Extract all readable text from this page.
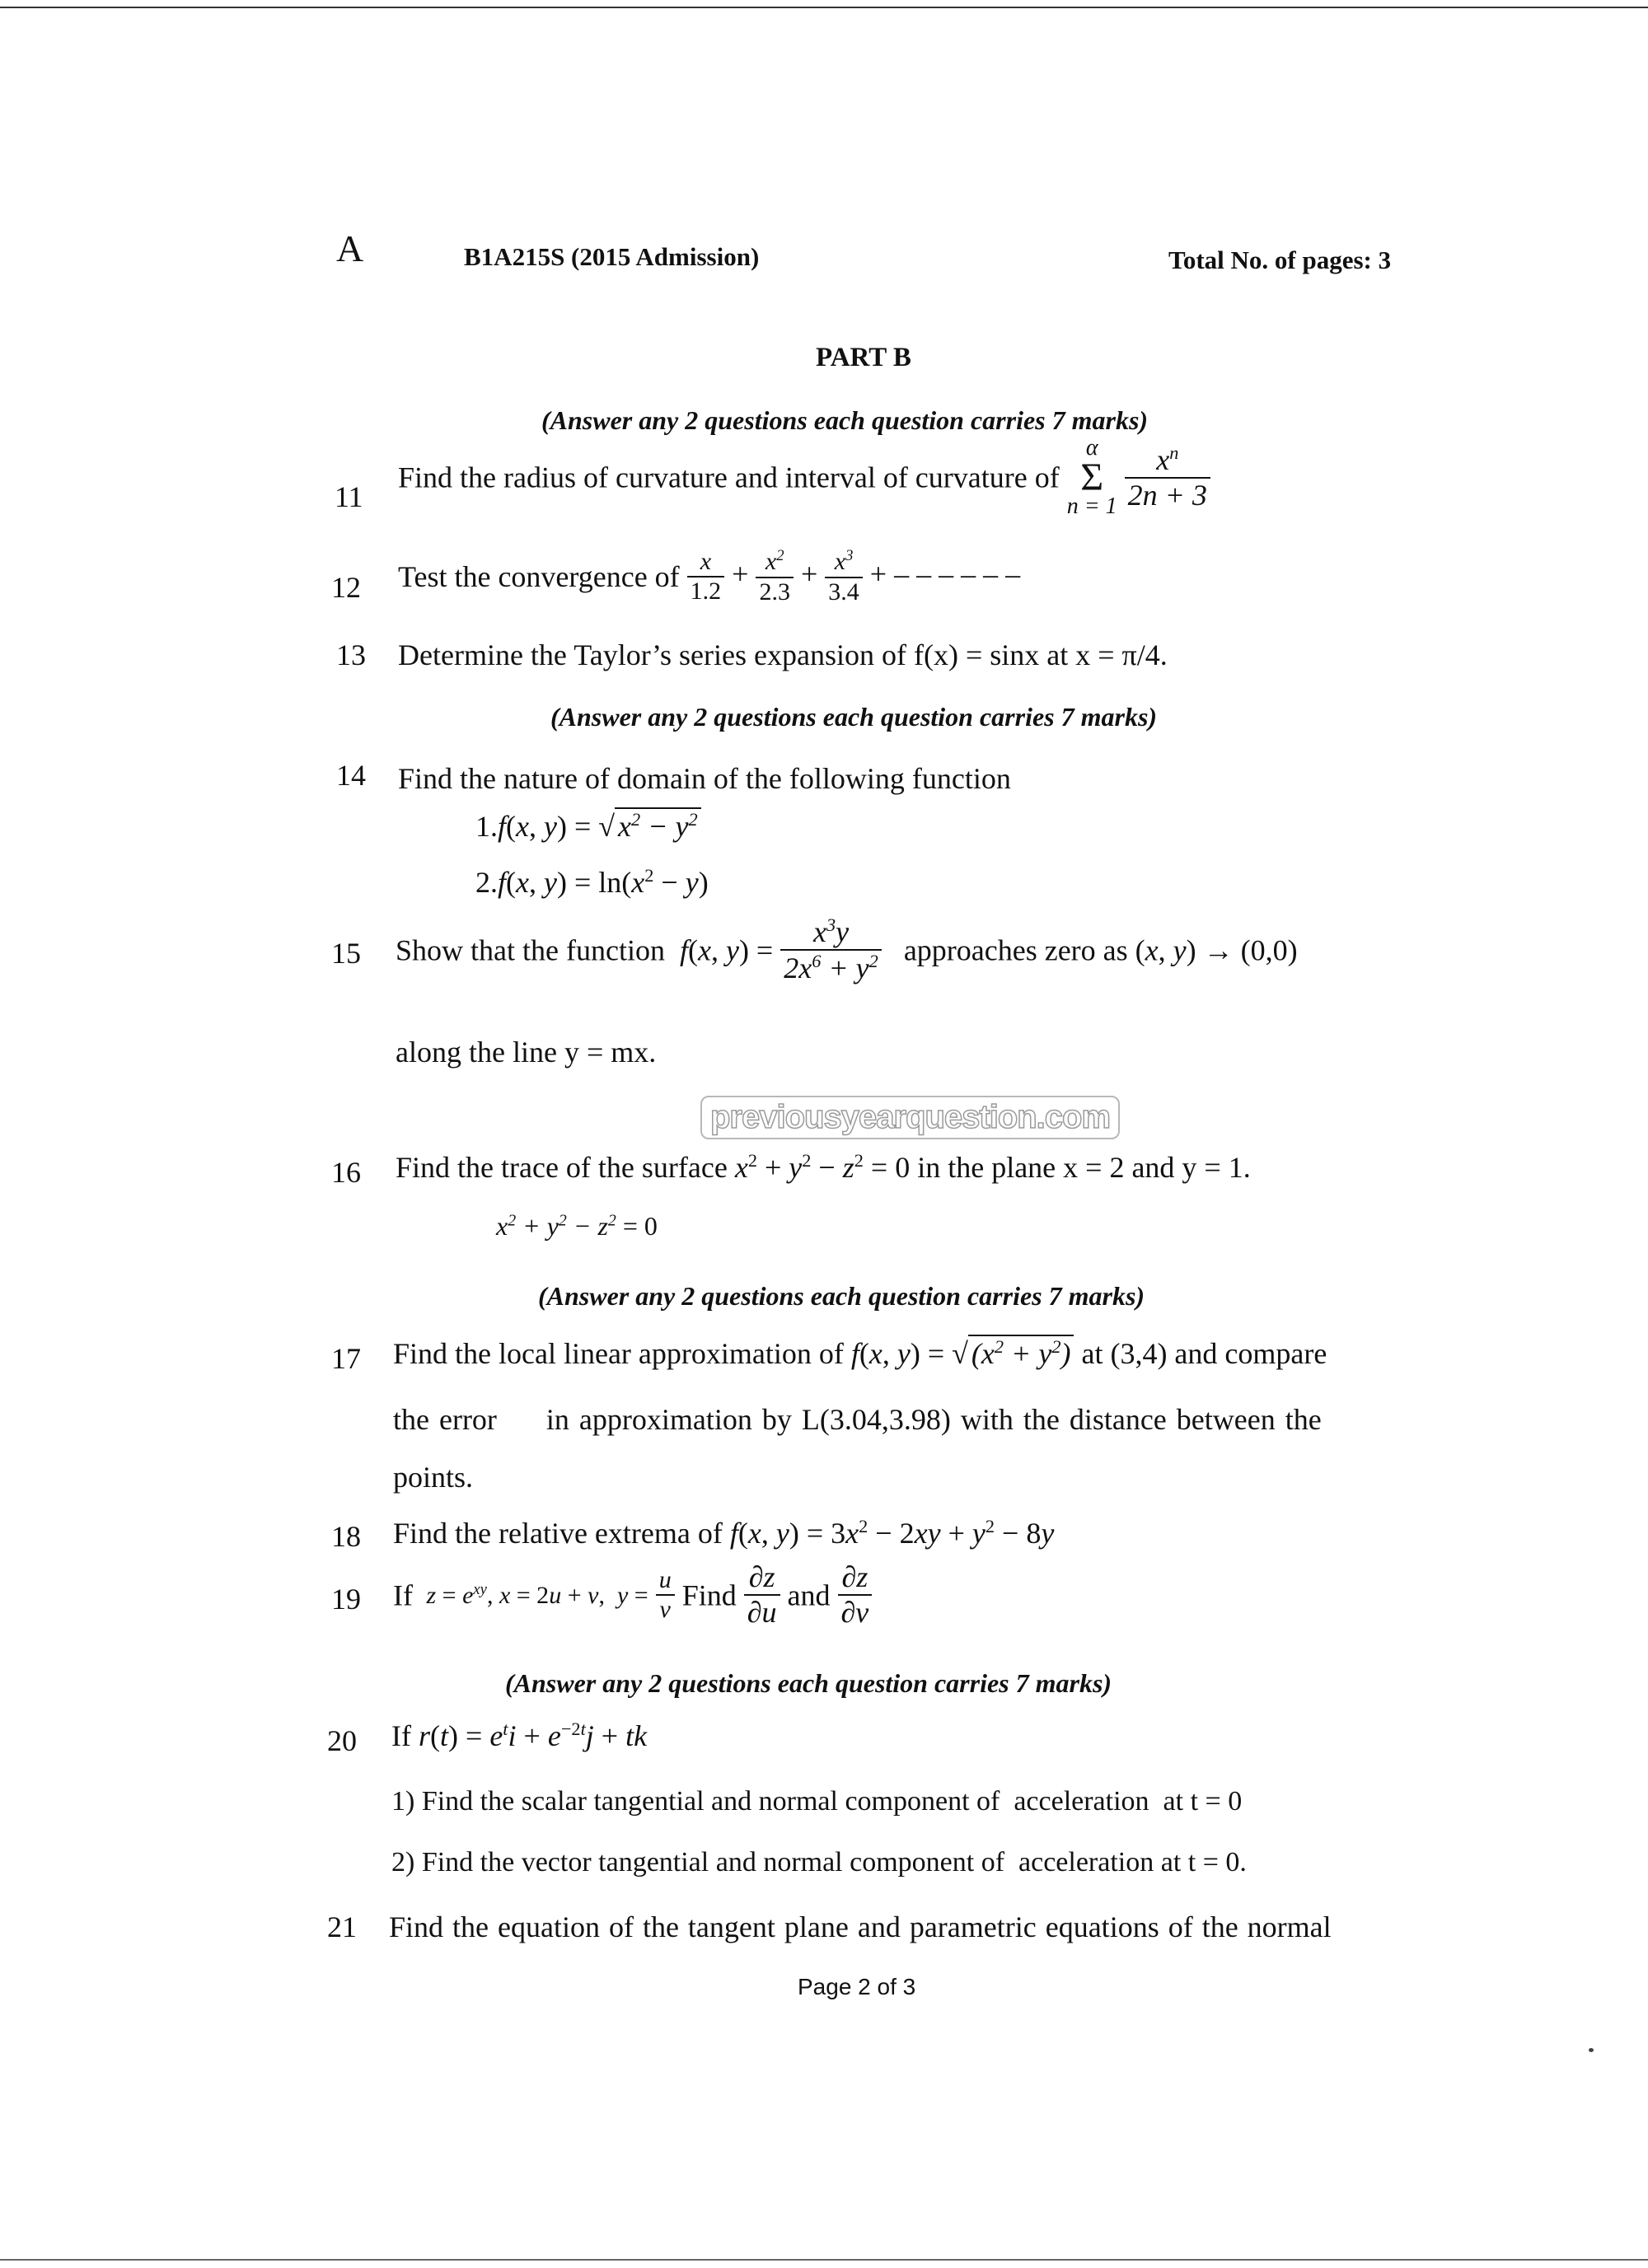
A	B1A215S (2015 Admission)	Total No. of pages: 3
PART B
(Answer any 2 questions each question carries 7 marks)
11
Find the radius of curvature and interval of curvature of
α
Σ
n = 1
$\frac{x^n}{2n + 3}$
12 Test the convergence of $\frac{x}{1.2} + \frac{x^2}{2.3} + \frac{x^3}{3.4}$ + – – – – – –
13 Determine the Taylor’s series expansion of f(x) = sinx at x = π/4.
(Answer any 2 questions each question carries 7 marks)
14 Find the nature of domain of the following function
1.f(x, y) = √ $x^2 - y^2$
2.f(x, $y) = \ln(x^2 - y)$
15 Show that the function f(x, $y) = \frac{x^3y}{2x^6 + y^2}$ approaches zero as (x, y) → (0,0)
along the line y = mx.
previousyearquestion.com
16 Find the trace of the surface $x^2 + y^2 - z^2 = 0$ in the plane x = 2 and y = 1.
$x^2 + y^2 - z^2 = 0$
(Answer any 2 questions each question carries 7 marks)
17 Find the local linear approximation of f(x, y) = √ $(x^2 + y^2)$ at (3,4) and compare
the error     in approximation by L(3.04,3.98) with the distance between the
points.
18 Find the relative extrema of f(x, $y) = 3x^2 - 2xy + y^2 - 8y$
19 If $z = e^{xy}$, x = 2u + v,  $y = \frac{u}{v}$ Find $\frac{\partial z}{\partial u}$ and $\frac{\partial z}{\partial v}$
(Answer any 2 questions each question carries 7 marks)
20 If $r(t) = e^ti + e^{-2t}j$ + tk
1) Find the scalar tangential and normal component of  acceleration  at t = 0
2) Find the vector tangential and normal component of  acceleration at t = 0.
21 Find the equation of the tangent plane and parametric equations of the normal
Page 2 of 3
